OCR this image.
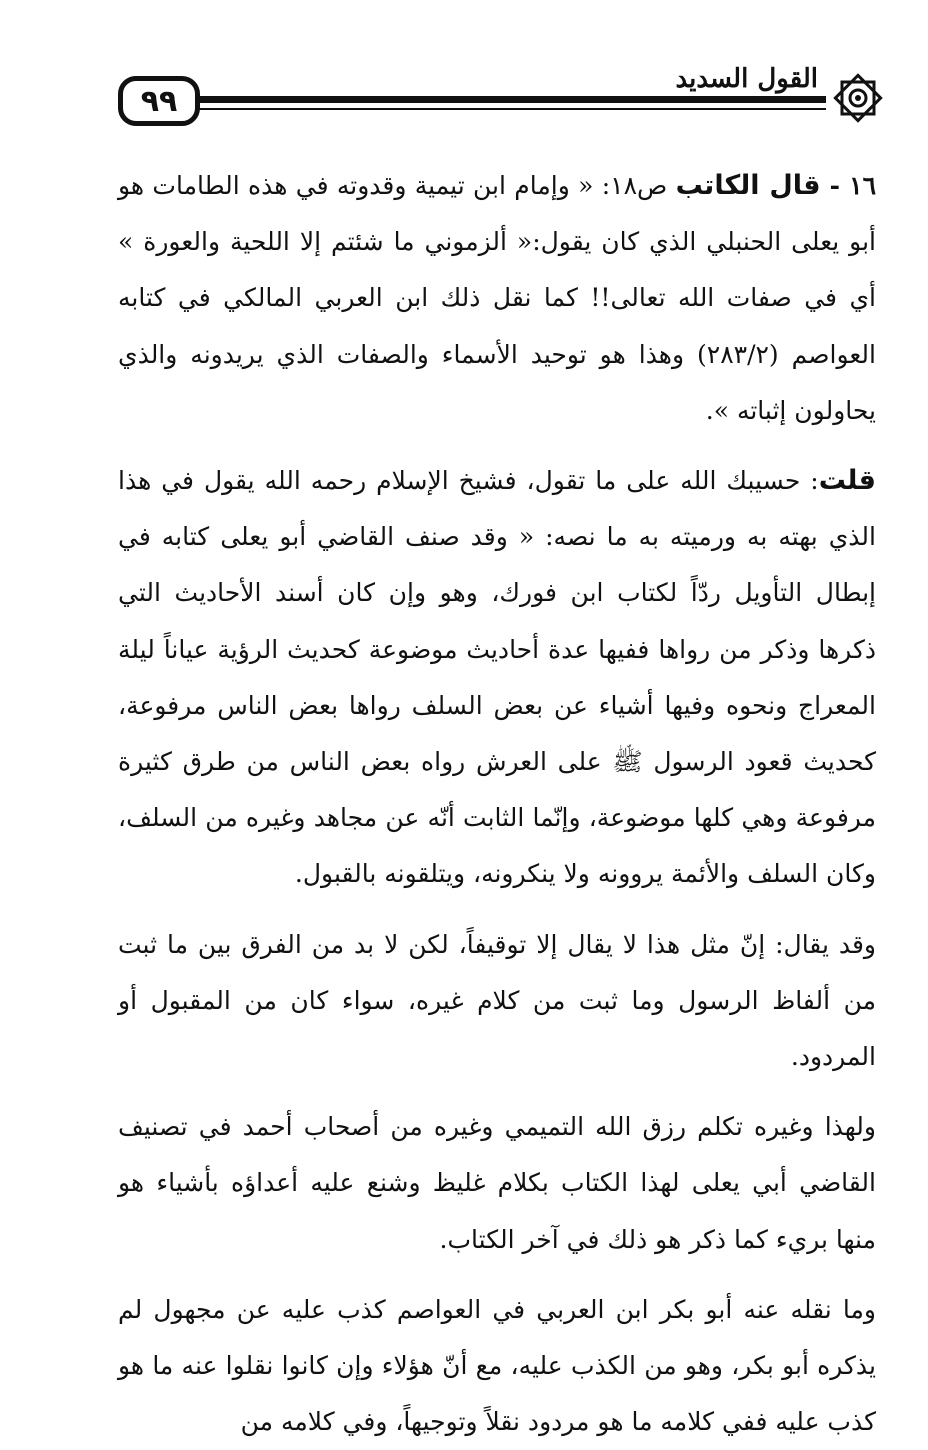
٩٩
القول السديد

١٦ - قال الكاتب ص١٨: « وإمام ابن تيمية وقدوته في هذه الطامات هو أبو يعلى الحنبلي الذي كان يقول:« ألزموني ما شئتم إلا اللحية والعورة » أي في صفات الله تعالى!! كما نقل ذلك ابن العربي المالكي في كتابه العواصم (٢٨٣/٢) وهذا هو توحيد الأسماء والصفات الذي يريدونه والذي يحاولون إثباته ».

قلت: حسيبك الله على ما تقول، فشيخ الإسلام رحمه الله يقول في هذا الذي بهته به ورميته به ما نصه: « وقد صنف القاضي أبو يعلى كتابه في إبطال التأويل ردّاً لكتاب ابن فورك، وهو وإن كان أسند الأحاديث التي ذكرها وذكر من رواها ففيها عدة أحاديث موضوعة كحديث الرؤية عياناً ليلة المعراج ونحوه وفيها أشياء عن بعض السلف رواها بعض الناس مرفوعة، كحديث قعود الرسول ﷺ على العرش رواه بعض الناس من طرق كثيرة مرفوعة وهي كلها موضوعة، وإنّما الثابت أنّه عن مجاهد وغيره من السلف، وكان السلف والأئمة يروونه ولا ينكرونه، ويتلقونه بالقبول.

وقد يقال: إنّ مثل هذا لا يقال إلا توقيفاً، لكن لا بد من الفرق بين ما ثبت من ألفاظ الرسول وما ثبت من كلام غيره، سواء كان من المقبول أو المردود.

ولهذا وغيره تكلم رزق الله التميمي وغيره من أصحاب أحمد في تصنيف القاضي أبي يعلى لهذا الكتاب بكلام غليظ وشنع عليه أعداؤه بأشياء هو منها بريء كما ذكر هو ذلك في آخر الكتاب.

وما نقله عنه أبو بكر ابن العربي في العواصم كذب عليه عن مجهول لم يذكره أبو بكر، وهو من الكذب عليه، مع أنّ هؤلاء وإن كانوا نقلوا عنه ما هو كذب عليه ففي كلامه ما هو مردود نقلاً وتوجيهاً، وفي كلامه من
